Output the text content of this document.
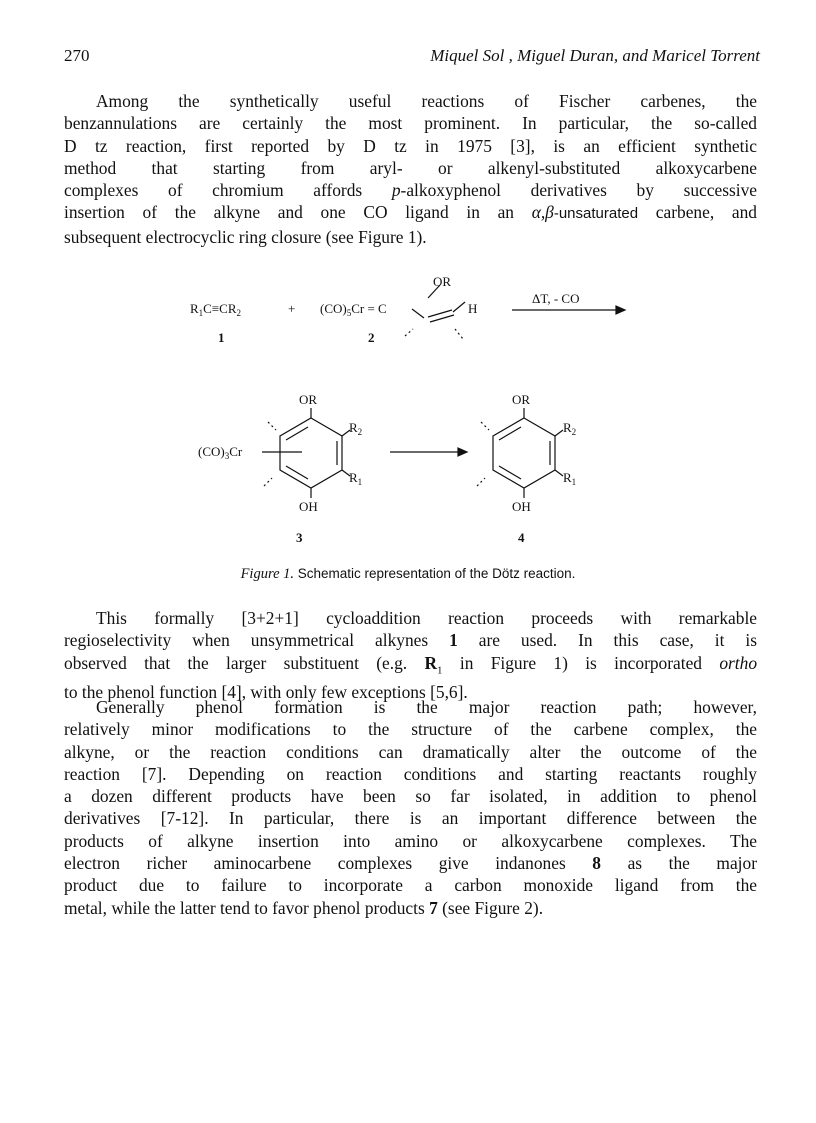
270	Miquel Sol , Miguel Duran, and Maricel Torrent
Among the synthetically useful reactions of Fischer carbenes, the
benzannulations are certainly the most prominent. In particular, the so-called
D tz reaction, first reported by D tz in 1975 [3], is an efficient synthetic
method that starting from aryl- or alkenyl-substituted alkoxycarbene
complexes of chromium affords p-alkoxyphenol derivatives by successive
insertion of the alkyne and one CO ligand in an α,β-unsaturated carbene, and
subsequent electrocyclic ring closure (see Figure 1).
$R_1C\equiv CR_2$	+ $(CO)_5Cr = C$
OR
H
ΔT, - CO
1	2
OR
OH
$R_2$
$R_1$
$(CO)_3Cr$
3
OR
OH
$R_2$
$R_1$
4
Figure 1. Schematic representation of the Dötz reaction.
This formally [3+2+1] cycloaddition reaction proceeds with remarkable
regioselectivity when unsymmetrical alkynes 1 are used. In this case, it is
observed that the larger substituent (e.g. $R_1$ in Figure 1) is incorporated ortho
to the phenol function [4], with only few exceptions [5,6].
Generally phenol formation is the major reaction path; however,
relatively minor modifications to the structure of the carbene complex, the
alkyne, or the reaction conditions can dramatically alter the outcome of the
reaction [7]. Depending on reaction conditions and starting reactants roughly
a dozen different products have been so far isolated, in addition to phenol
derivatives [7-12]. In particular, there is an important difference between the
products of alkyne insertion into amino or alkoxycarbene complexes. The
electron richer aminocarbene complexes give indanones 8 as the major
product due to failure to incorporate a carbon monoxide ligand from the
metal, while the latter tend to favor phenol products 7 (see Figure 2).
